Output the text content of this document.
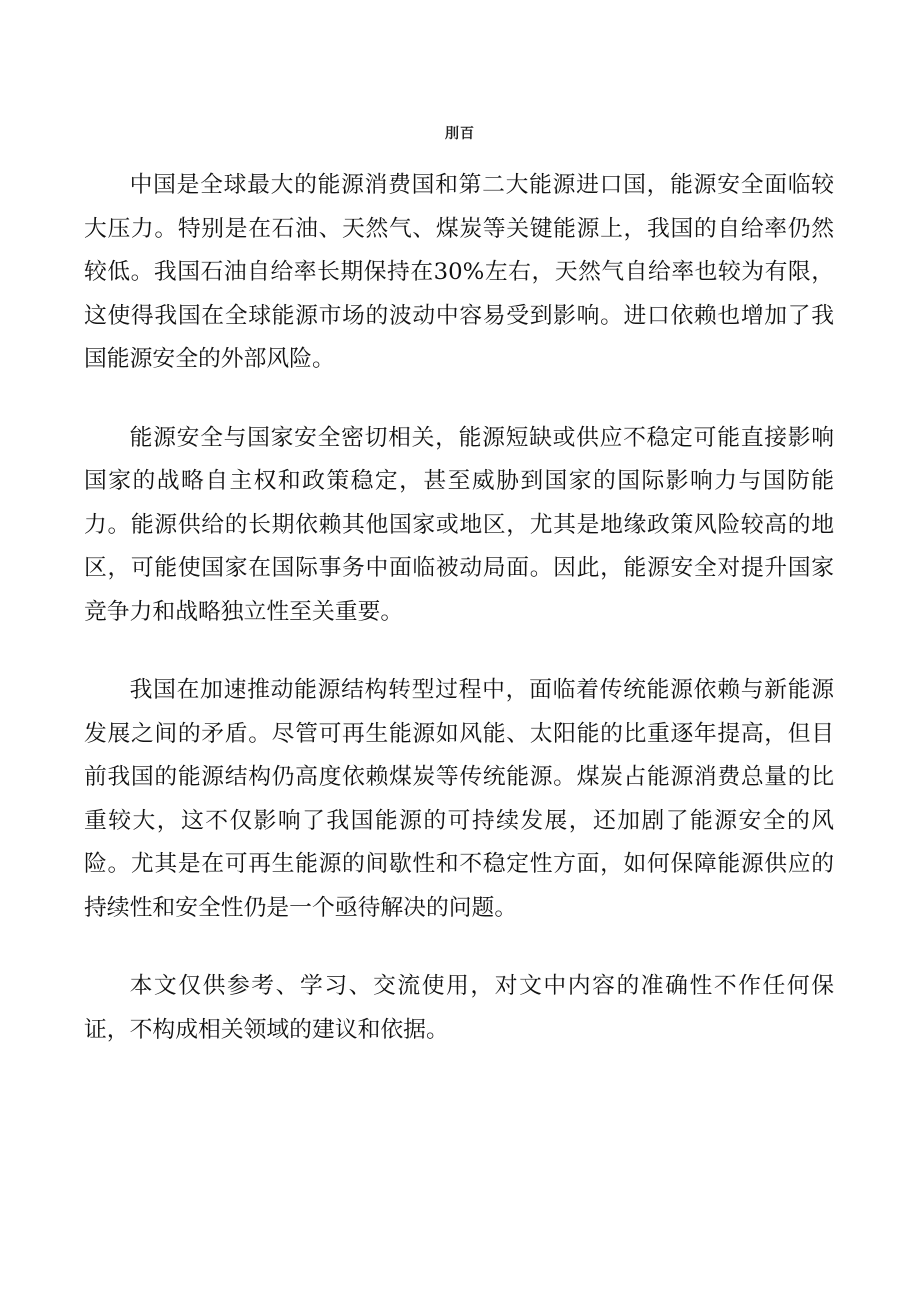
刖百

中国是全球最大的能源消费国和第二大能源进口国，能源安全面临较大压力。特别是在石油、天然气、煤炭等关键能源上，我国的自给率仍然较低。我国石油自给率长期保持在30%左右，天然气自给率也较为有限，这使得我国在全球能源市场的波动中容易受到影响。进口依赖也增加了我国能源安全的外部风险。

能源安全与国家安全密切相关，能源短缺或供应不稳定可能直接影响国家的战略自主权和政策稳定，甚至威胁到国家的国际影响力与国防能力。能源供给的长期依赖其他国家或地区，尤其是地缘政策风险较高的地区，可能使国家在国际事务中面临被动局面。因此，能源安全对提升国家竞争力和战略独立性至关重要。

我国在加速推动能源结构转型过程中，面临着传统能源依赖与新能源发展之间的矛盾。尽管可再生能源如风能、太阳能的比重逐年提高，但目前我国的能源结构仍高度依赖煤炭等传统能源。煤炭占能源消费总量的比重较大，这不仅影响了我国能源的可持续发展，还加剧了能源安全的风险。尤其是在可再生能源的间歇性和不稳定性方面，如何保障能源供应的持续性和安全性仍是一个亟待解决的问题。

本文仅供参考、学习、交流使用，对文中内容的准确性不作任何保证，不构成相关领域的建议和依据。
